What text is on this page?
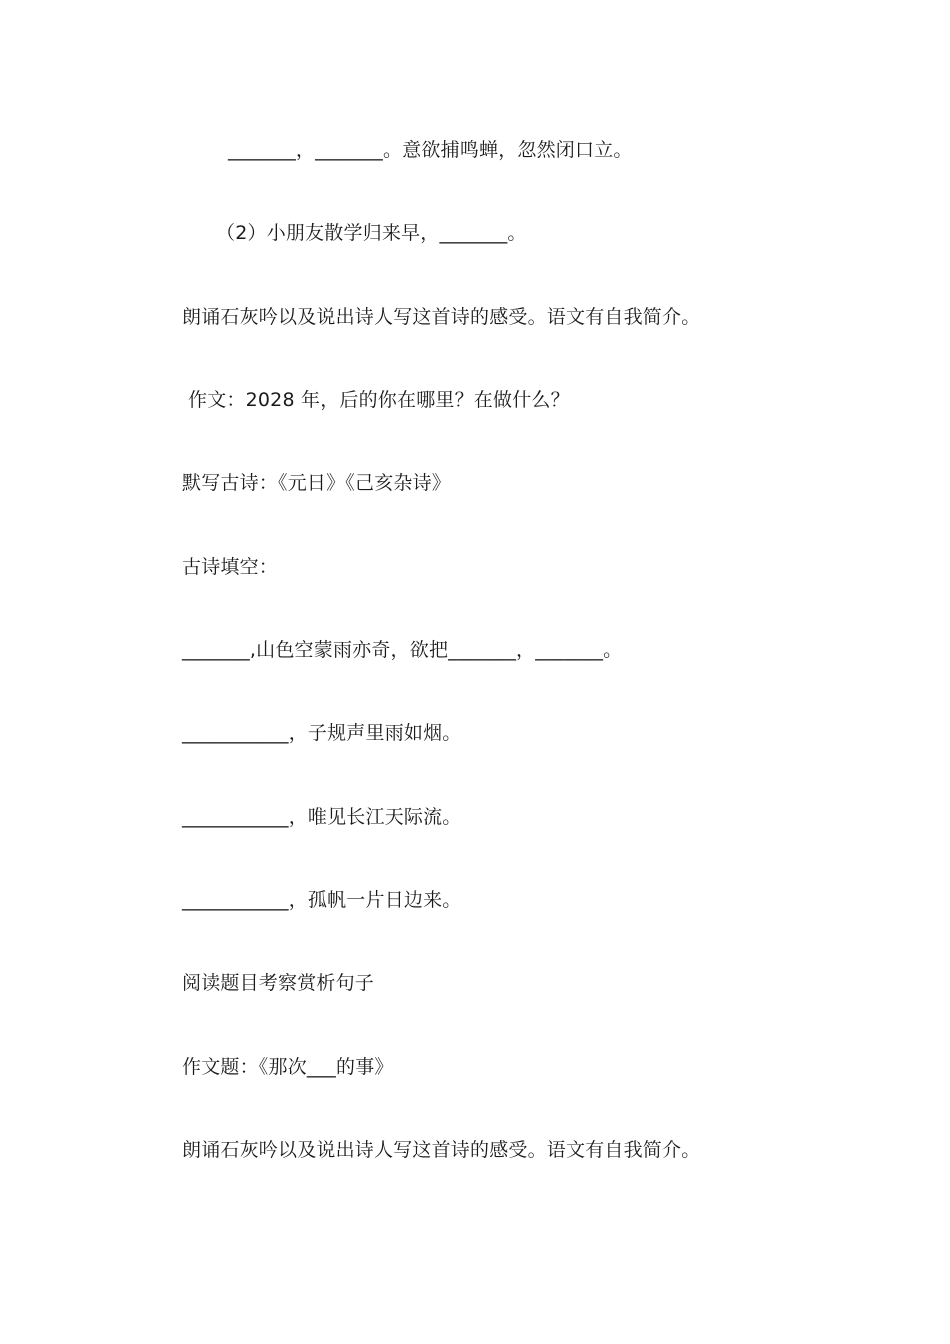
_______，_______。意欲捕鸣蝉，忽然闭口立。
（2）小朋友散学归来早，_______。
朗诵石灰吟以及说出诗人写这首诗的感受。语文有自我简介。
作文：2028 年，后的你在哪里？在做什么？
默写古诗：《元日》《己亥杂诗》
古诗填空：
_______,山色空蒙雨亦奇，欲把_______，_______。
___________，子规声里雨如烟。
___________，唯见长江天际流。
___________，孤帆一片日边来。
阅读题目考察赏析句子
作文题：《那次___的事》
朗诵石灰吟以及说出诗人写这首诗的感受。语文有自我简介。
